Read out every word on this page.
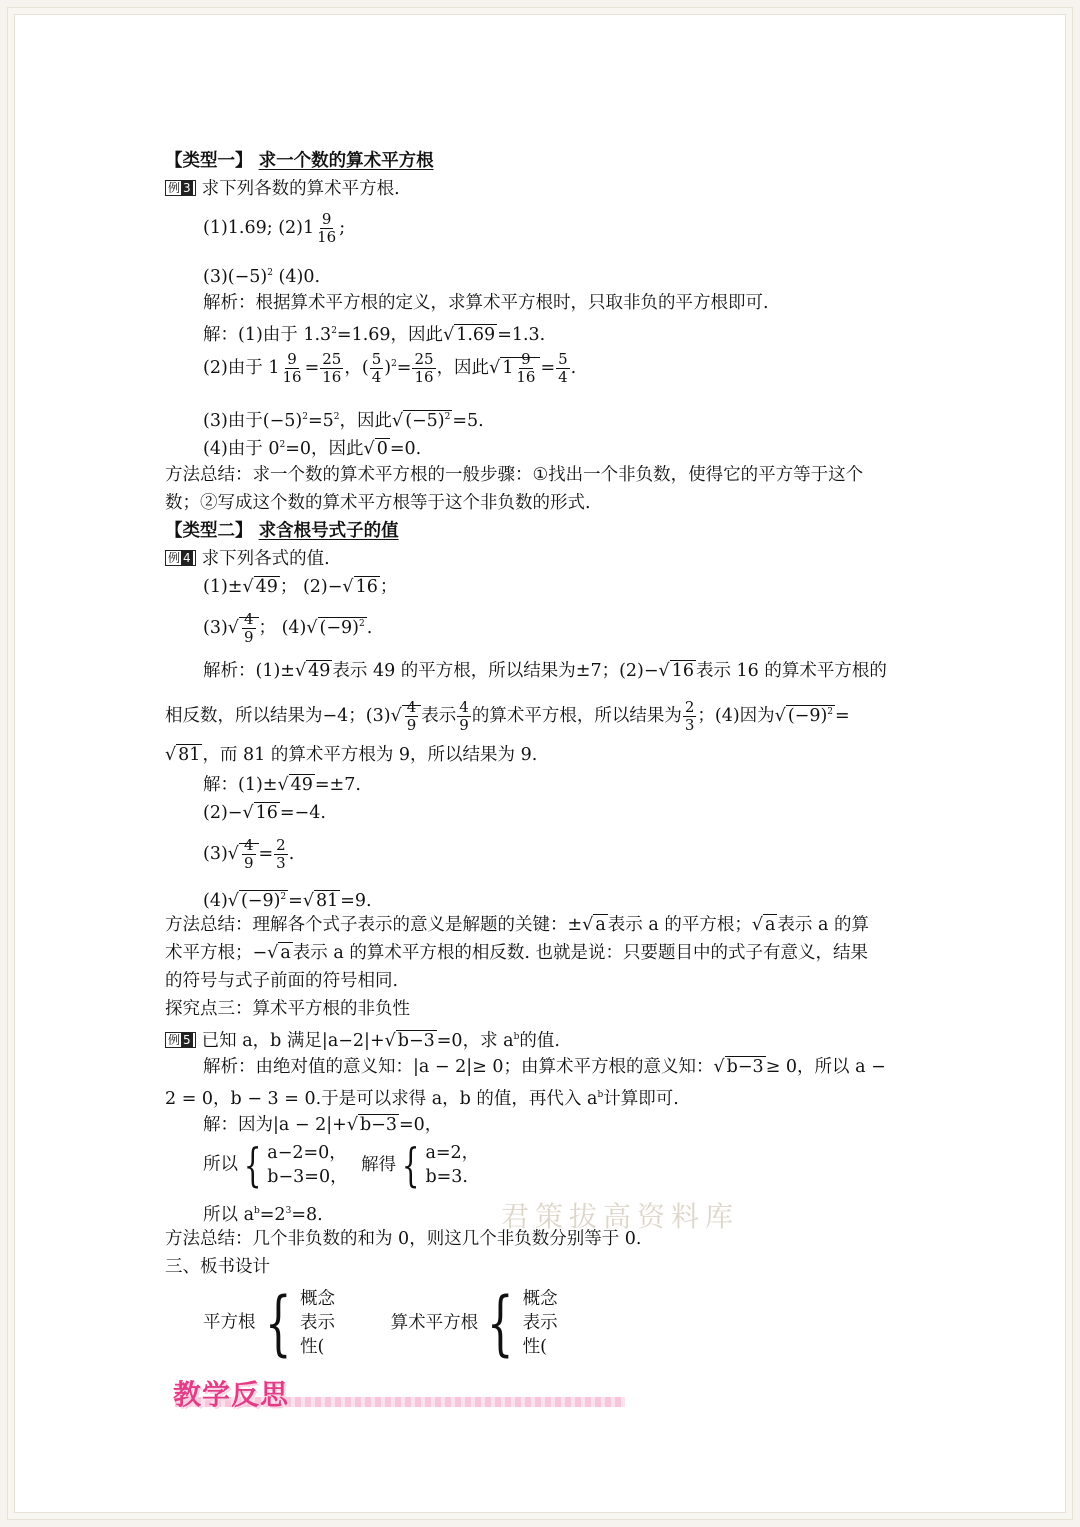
【类型一】 求一个数的算术平方根
例 3 求下列各数的算术平方根.
(1)1.69; $(2)1 \frac{9}{16}$ ;
$(3)(-5)^2$ (4)0.
解析：根据算术平方根的定义，求算术平方根时，只取非负的平方根即可.
解：(1)由于 $1.3^2=1.69$，因此√ 1.69 =1.3.
(2)由于 $1 \frac{9}{16} = \frac{25}{16}$ ，( $\frac{5}{4} )^2= \frac{25}{16}$ ，因此√ $1 \frac{9}{16} = \frac{5}{4}$ .
(3)由于$(-5)^2=5^2$，因此√ $(-5)^2 =5$.
(4)由于 $0^2=0$，因此√ 0 =0.
方法总结：求一个数的算术平方根的一般步骤：①找出一个非负数，使得它的平方等于这个
数；②写成这个数的算术平方根等于这个非负数的形式.
【类型二】 求含根号式子的值
例 4 求下列各式的值.
(1)±√ 49 ； (2)−√ 16 ；
$(3)√ \frac{4}{9}$ ； (4)√ $(-9)^2$ .
解析：(1)±√ 49 表示 49 的平方根，所以结果为±7；(2)−√ 16 表示 16 的算术平方根的
相反数，所以结果为−4；$(3)√ \frac{4}{9}$ 表示 $\frac{4}{9}$ 的算术平方根，所以结果为 $\frac{2}{3}$ ；(4)因为√ $(-9)^2$ =
√ 81 ，而 81 的算术平方根为 9，所以结果为 9.
解：(1)±√ 49 =±7.
(2)−√ 16 =−4.
$(3)√ \frac{4}{9} = \frac{2}{3}$ .
(4)√ $(-9)^2$ =√ 81 =9.
方法总结：理解各个式子表示的意义是解题的关键：±√ a 表示 a 的平方根；√ a 表示 a 的算
术平方根；−√ a 表示 a 的算术平方根的相反数. 也就是说：只要题目中的式子有意义，结果
的符号与式子前面的符号相同.
探究点三：算术平方根的非负性
例 5 已知 a，b 满足|a−2|+√ b−3 =0，求 $a^b$的值.
解析：由绝对值的意义知：|a − 2|≥ 0；由算术平方根的意义知：√ b−3 ≥ 0，所以 a −
2 = 0，b − 3 = 0.于是可以求得 a，b 的值，再代入 $a^b$计算即可.
解：因为|a − 2|+√ b−3 =0，
所以 { a−2=0，
b−3=0，
解得 { a=2，
b=3.
所以 $a^b=2^3=8$.
方法总结：几个非负数的和为 0，则这几个非负数分别等于 0.
三、板书设计
平方根 { 概念
表示
性(
算术平方根 { 概念
表示
性(
君策拔高资料库
教学反思
